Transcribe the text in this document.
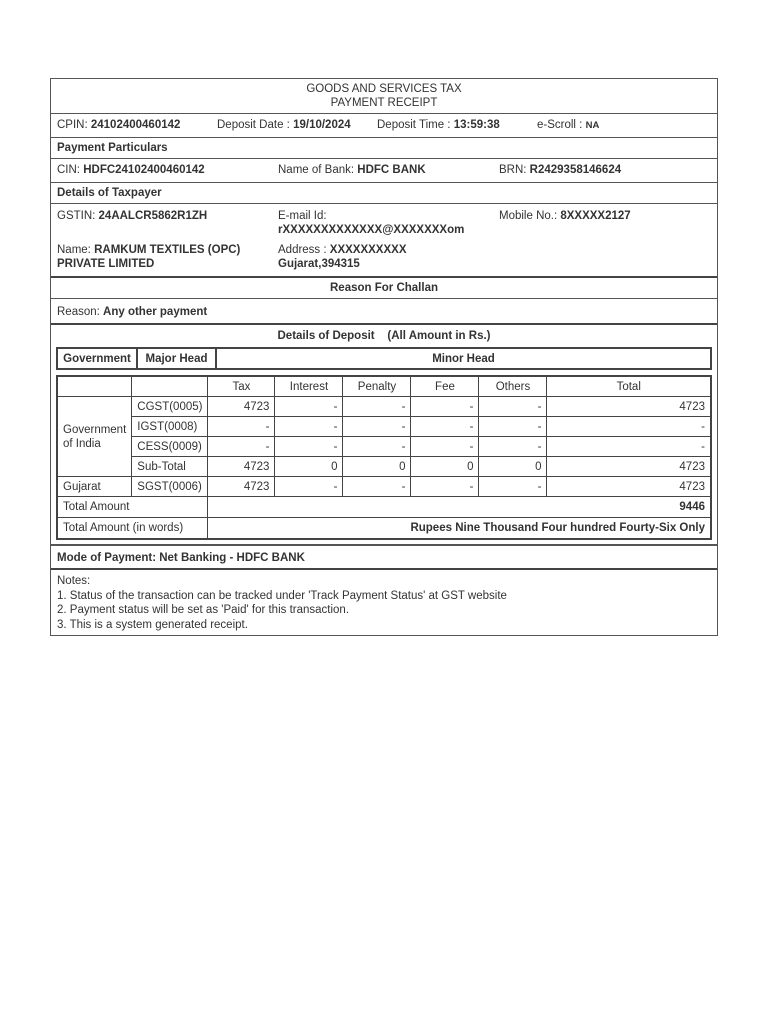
GOODS AND SERVICES TAX
PAYMENT RECEIPT
CPIN: 24102400460142	Deposit Date : 19/10/2024 Deposit Time : 13:59:38	e-Scroll : NA
Payment Particulars
CIN: HDFC24102400460142	Name of Bank: HDFC BANK	BRN: R2429358146624
Details of Taxpayer
GSTIN: 24AALCR5862R1ZH	E-mail Id:
rXXXXXXXXXXXXX@XXXXXXXom
Mobile No.: 8XXXXX2127
Name: RAMKUM TEXTILES (OPC)
PRIVATE LIMITED
Address : XXXXXXXXXX
Gujarat,394315
Reason For Challan
Reason: Any other payment
Details of Deposit (All Amount in Rs.)
Government	Major Head	Minor Head
		Tax	Interest	Penalty	Fee	Others	Total

Government
of India	CGST(0005)	4723	-	-	-	-	4723
	IGST(0008)	-	-	-	-	-	-
	CESS(0009)	-	-	-	-	-	-
	Sub-Total	4723	0	0	0	0	4723
Gujarat	SGST(0006)	4723	-	-	-	-	4723
Total Amount		9446					
Total Amount (in words)		Rupees Nine Thousand Four hundred Fourty-Six Only					
Mode of Payment: Net Banking - HDFC BANK
Notes:
1. Status of the transaction can be tracked under 'Track Payment Status' at GST website
2. Payment status will be set as 'Paid' for this transaction.
3. This is a system generated receipt.
